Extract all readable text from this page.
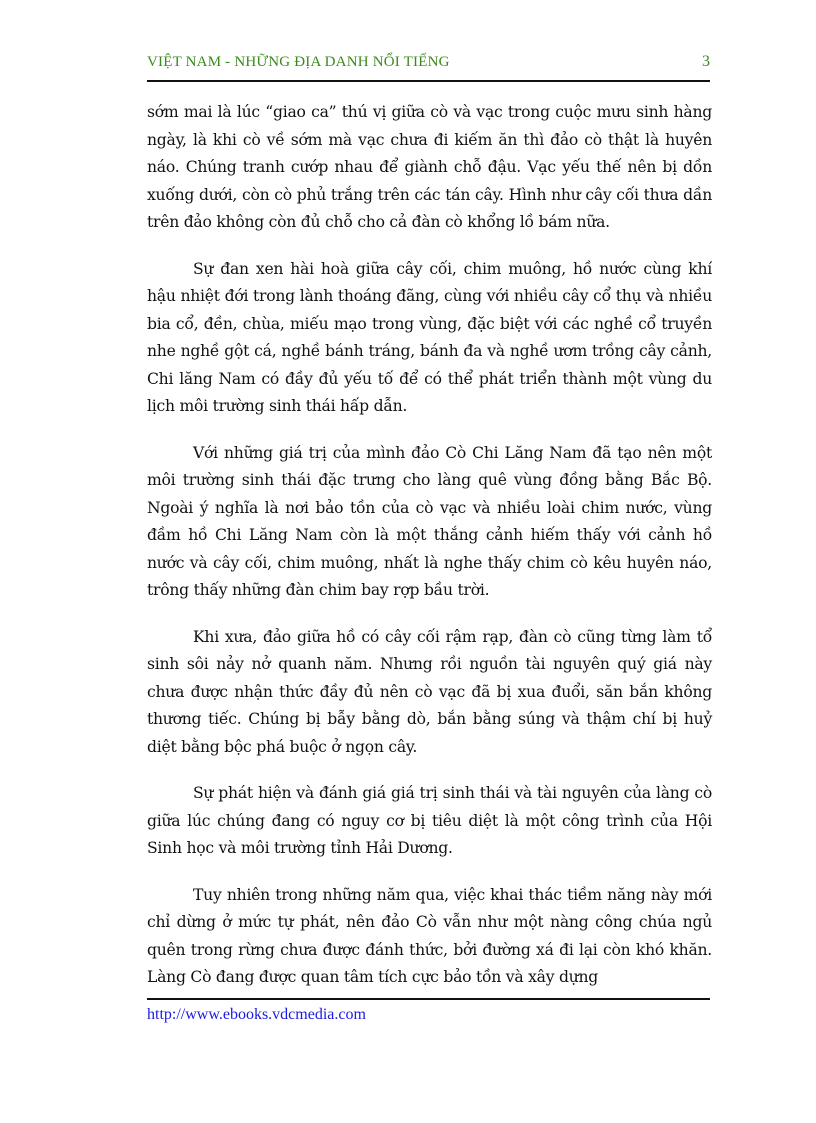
VIỆT NAM - NHỮNG ĐỊA DANH NỔI TIẾNG	3

sớm mai là lúc “giao ca” thú vị giữa cò và vạc trong cuộc mưu sinh hàng ngày, là khi cò về sớm mà vạc chưa đi kiếm ăn thì đảo cò thật là huyên náo. Chúng tranh cướp nhau để giành chỗ đậu. Vạc yếu thế nên bị dồn xuống dưới, còn cò phủ trắng trên các tán cây. Hình như cây cối thưa dần trên đảo không còn đủ chỗ cho cả đàn cò khổng lồ bám nữa.

Sự đan xen hài hoà giữa cây cối, chim muông, hồ nước cùng khí hậu nhiệt đới trong lành thoáng đãng, cùng với nhiều cây cổ thụ và nhiều bia cổ, đền, chùa, miếu mạo trong vùng, đặc biệt với các nghề cổ truyền nhe nghề gột cá, nghề bánh tráng, bánh đa và nghề ươm trồng cây cảnh, Chi lăng Nam có đầy đủ yếu tố để có thể phát triển thành một vùng du lịch môi trường sinh thái hấp dẫn.

Với những giá trị của mình đảo Cò Chi Lăng Nam đã tạo nên một môi trường sinh thái đặc trưng cho làng quê vùng đồng bằng Bắc Bộ. Ngoài ý nghĩa là nơi bảo tồn của cò vạc và nhiều loài chim nước, vùng đầm hồ Chi Lăng Nam còn là một thắng cảnh hiếm thấy với cảnh hồ nước và cây cối, chim muông, nhất là nghe thấy chim cò kêu huyên náo, trông thấy những đàn chim bay rợp bầu trời.

Khi xưa, đảo giữa hồ có cây cối rậm rạp, đàn cò cũng từng làm tổ sinh sôi nảy nở quanh năm. Nhưng rồi nguồn tài nguyên quý giá này chưa được nhận thức đầy đủ nên cò vạc đã bị xua đuổi, săn bắn không thương tiếc. Chúng bị bẫy bằng dò, bắn bằng súng và thậm chí bị huỷ diệt bằng bộc phá buộc ở ngọn cây.

Sự phát hiện và đánh giá giá trị sinh thái và tài nguyên của làng cò giữa lúc chúng đang có nguy cơ bị tiêu diệt là một công trình của Hội Sinh học và môi trường tỉnh Hải Dương.

Tuy nhiên trong những năm qua, việc khai thác tiềm năng này mới chỉ dừng ở mức tự phát, nên đảo Cò vẫn như một nàng công chúa ngủ quên trong rừng chưa được đánh thức, bởi đường xá đi lại còn khó khăn. Làng Cò đang được quan tâm tích cực bảo tồn và xây dựng

http://www.ebooks.vdcmedia.com
